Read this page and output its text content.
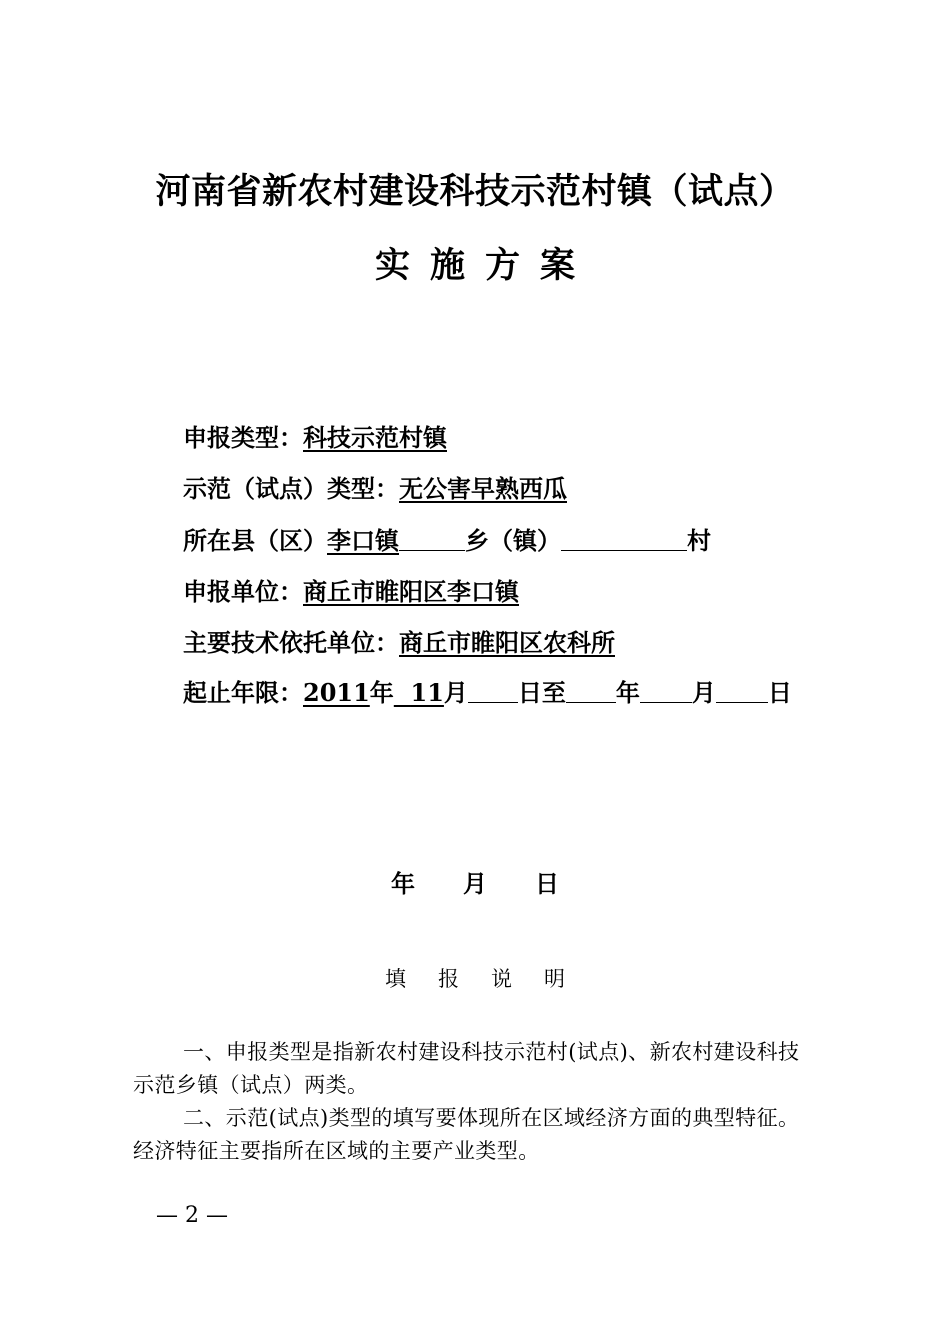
河南省新农村建设科技示范村镇（试点）
实 施 方 案
申报类型：科技示范村镇
示范（试点）类型：无公害早熟西瓜
所在县（区）李口镇	乡（镇）	村
申报单位：商丘市睢阳区李口镇
主要技术依托单位：商丘市睢阳区农科所
起止年限：2011年 11月 日至 年 月 日
年 月 日
填 报 说 明
一、申报类型是指新农村建设科技示范村(试点)、新农村建设科技
示范乡镇（试点）两类。
二、示范(试点)类型的填写要体现所在区域经济方面的典型特征。
经济特征主要指所在区域的主要产业类型。
— 2 —
